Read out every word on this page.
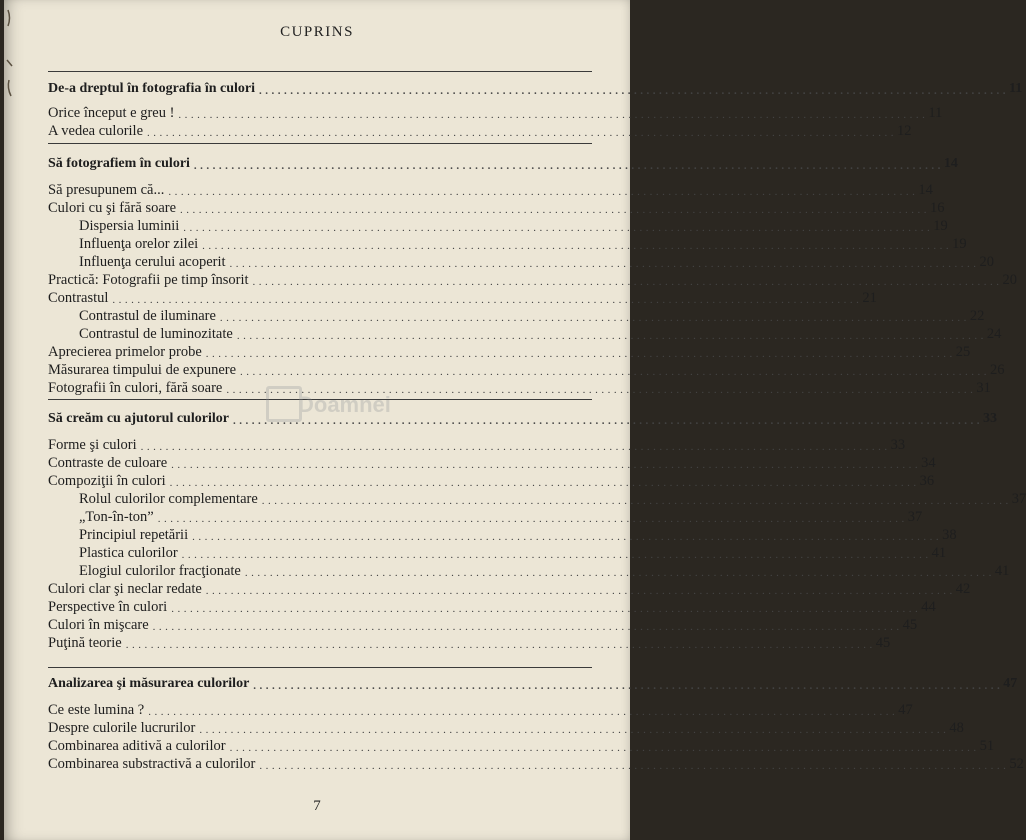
CUPRINS
De-a dreptul în fotografia în culori ........................................................................................................................ 11
Orice început e greu ! ........................................................................................................................ 11
A vedea culorile ........................................................................................................................ 12
Să fotografiem în culori ........................................................................................................................ 14
Să presupunem că... ........................................................................................................................ 14
Culori cu şi fără soare ........................................................................................................................ 16
Dispersia luminii ........................................................................................................................ 19
Influenţa orelor zilei ........................................................................................................................ 19
Influenţa cerului acoperit ........................................................................................................................ 20
Practică: Fotografii pe timp însorit ........................................................................................................................ 20
Contrastul ........................................................................................................................ 21
Contrastul de iluminare ........................................................................................................................ 22
Contrastul de luminozitate ........................................................................................................................ 24
Aprecierea primelor probe ........................................................................................................................ 25
Măsurarea timpului de expunere ........................................................................................................................ 26
Fotografii în culori, fără soare ........................................................................................................................ 31
Să creăm cu ajutorul culorilor ........................................................................................................................ 33
Forme şi culori ........................................................................................................................ 33
Contraste de culoare ........................................................................................................................ 34
Compoziţii în culori ........................................................................................................................ 36
Rolul culorilor complementare ........................................................................................................................ 37
„Ton-în-ton” ........................................................................................................................ 37
Principiul repetării ........................................................................................................................ 38
Plastica culorilor ........................................................................................................................ 41
Elogiul culorilor fracţionate ........................................................................................................................ 41
Culori clar şi neclar redate ........................................................................................................................ 42
Perspective în culori ........................................................................................................................ 44
Culori în mişcare ........................................................................................................................ 45
Puţină teorie ........................................................................................................................ 45
Analizarea şi măsurarea culorilor ........................................................................................................................ 47
Ce este lumina ? ........................................................................................................................ 47
Despre culorile lucrurilor ........................................................................................................................ 48
Combinarea aditivă a culorilor ........................................................................................................................ 51
Combinarea substractivă a culorilor ........................................................................................................................ 52
Doamnei
7
